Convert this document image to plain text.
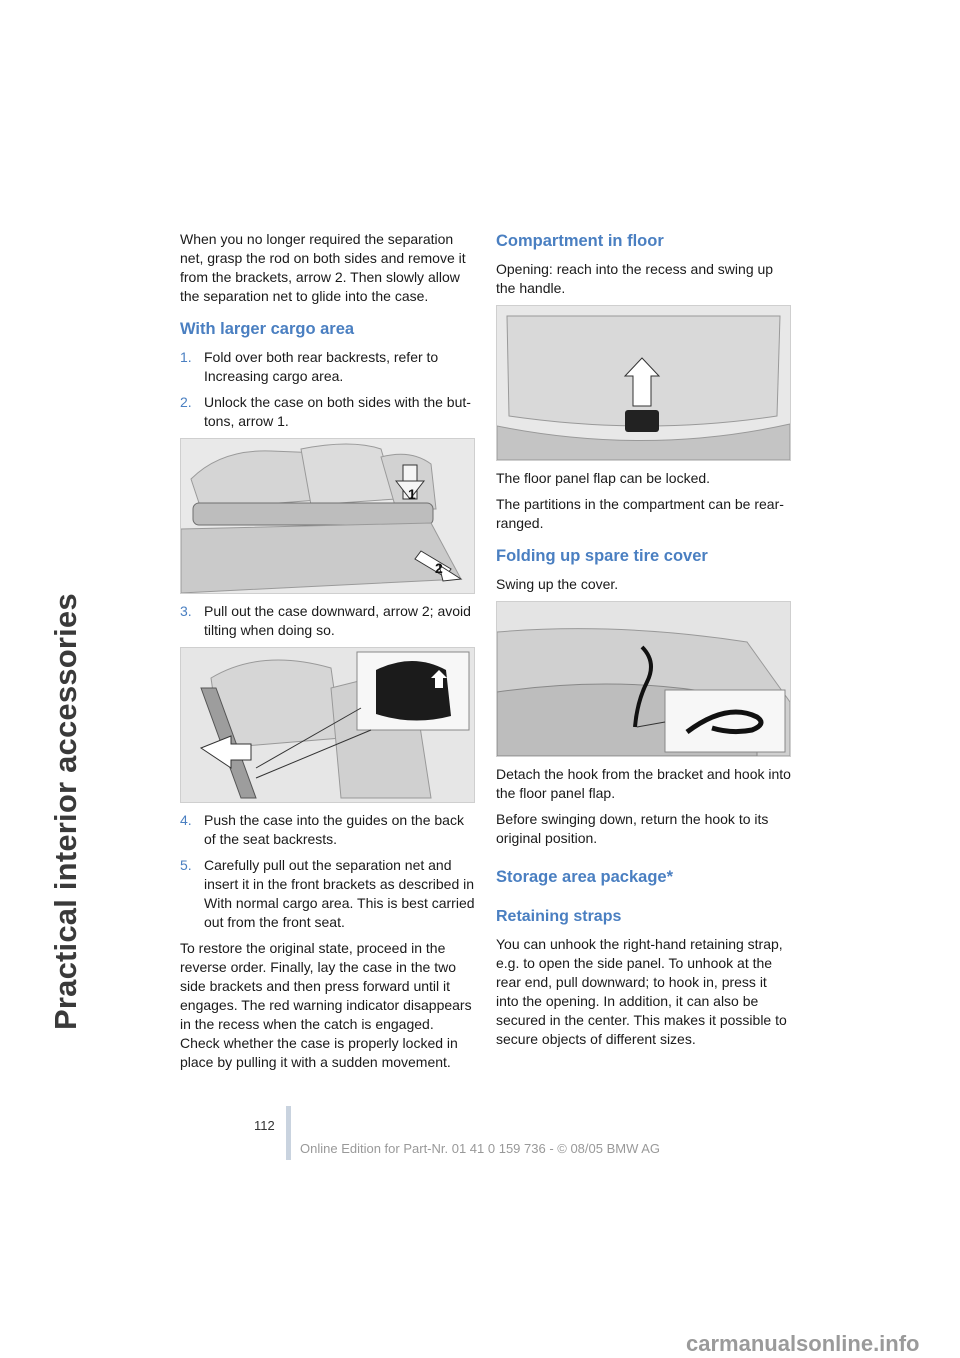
Practical interior accessories

When you no longer required the separation net, grasp the rod on both sides and remove it from the brackets, arrow 2. Then slowly allow the separation net to glide into the case.

With larger cargo area
1. Fold over both rear backrests, refer to Increasing cargo area.
2. Unlock the case on both sides with the but-tons, arrow 1.
1
2
3. Pull out the case downward, arrow 2; avoid tilting when doing so.
4. Push the case into the guides on the back of the seat backrests.
5. Carefully pull out the separation net and insert it in the front brackets as described in With normal cargo area. This is best carried out from the front seat.

To restore the original state, proceed in the reverse order. Finally, lay the case in the two side brackets and then press forward until it engages. The red warning indicator disappears in the recess when the catch is engaged. Check whether the case is properly locked in place by pulling it with a sudden movement.

Compartment in floor

Opening: reach into the recess and swing up the handle.

The floor panel flap can be locked.

The partitions in the compartment can be rear-ranged.

Folding up spare tire cover

Swing up the cover.

Detach the hook from the bracket and hook into the floor panel flap.

Before swinging down, return the hook to its original position.

Storage area package*
Retaining straps

You can unhook the right-hand retaining strap, e.g. to open the side panel. To unhook at the rear end, pull downward; to hook in, press it into the opening. In addition, it can also be secured in the center. This makes it possible to secure objects of different sizes.

112
Online Edition for Part-Nr. 01 41 0 159 736 - © 08/05 BMW AG
carmanualsonline.info
